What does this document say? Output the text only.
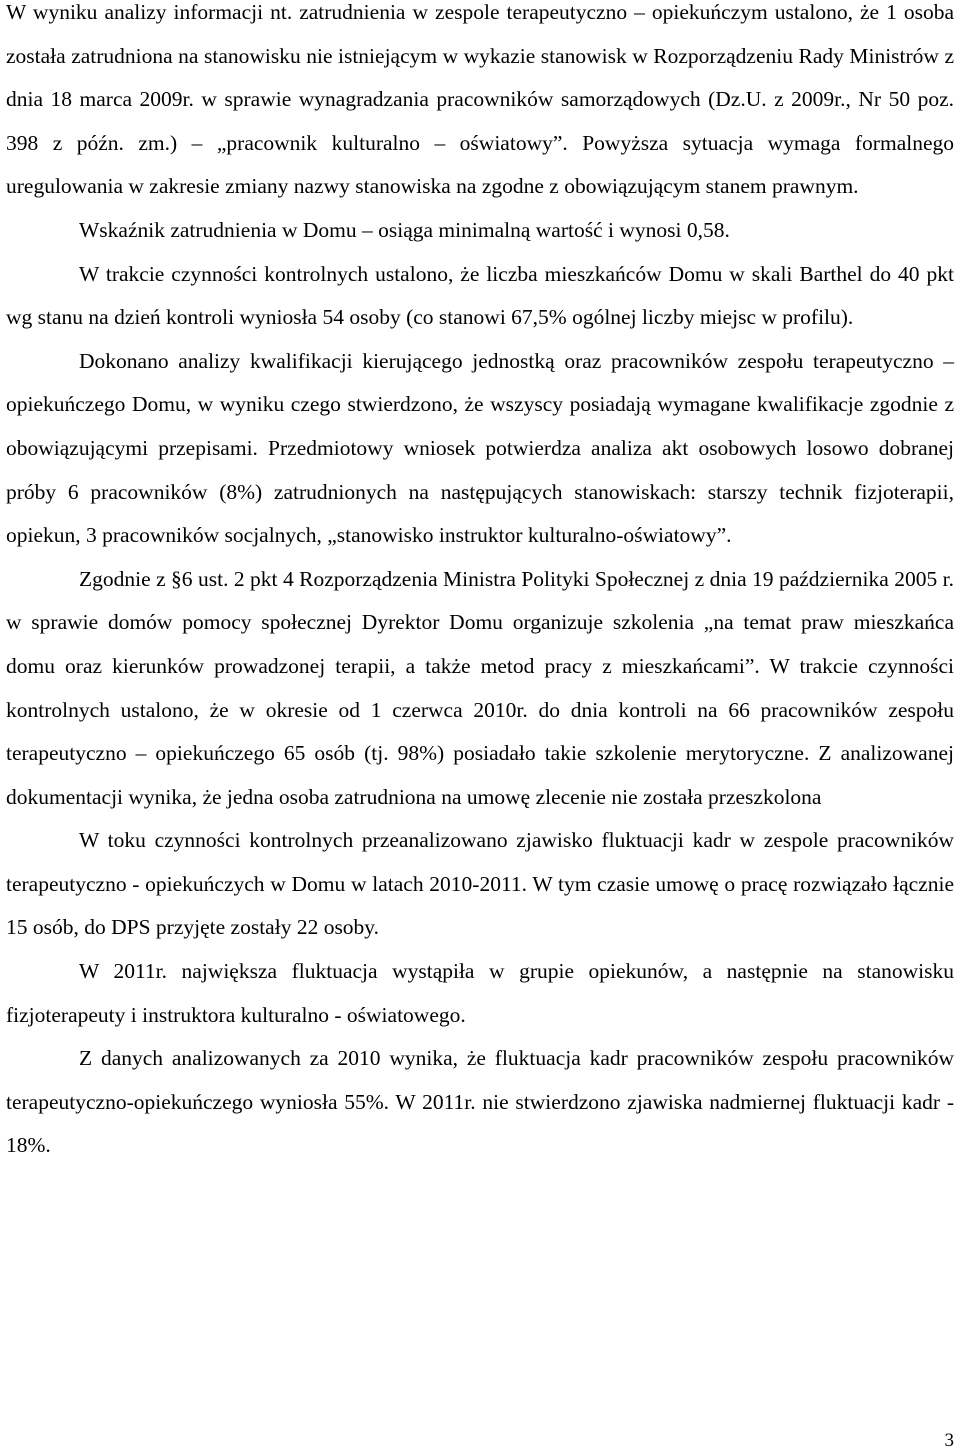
W wyniku analizy informacji nt. zatrudnienia w zespole terapeutyczno – opiekuńczym ustalono, że 1 osoba została zatrudniona na stanowisku nie istniejącym w wykazie stanowisk w Rozporządzeniu Rady Ministrów z dnia 18 marca 2009r. w sprawie wynagradzania pracowników samorządowych (Dz.U. z 2009r., Nr 50 poz. 398 z późn. zm.) – „pracownik kulturalno – oświatowy”. Powyższa sytuacja wymaga formalnego uregulowania w zakresie zmiany nazwy stanowiska na zgodne z obowiązującym stanem prawnym.

Wskaźnik zatrudnienia w Domu – osiąga minimalną wartość i wynosi 0,58.

W trakcie czynności kontrolnych ustalono, że liczba mieszkańców Domu w skali Barthel do 40 pkt wg stanu na dzień kontroli wyniosła 54 osoby (co stanowi 67,5% ogólnej liczby miejsc w profilu).

Dokonano analizy kwalifikacji kierującego jednostką oraz pracowników zespołu terapeutyczno – opiekuńczego Domu, w wyniku czego stwierdzono, że wszyscy posiadają wymagane kwalifikacje zgodnie z obowiązującymi przepisami. Przedmiotowy wniosek potwierdza analiza akt osobowych losowo dobranej próby 6 pracowników (8%) zatrudnionych na następujących stanowiskach: starszy technik fizjoterapii, opiekun, 3 pracowników socjalnych, „stanowisko instruktor kulturalno-oświatowy”.

Zgodnie z §6 ust. 2 pkt 4 Rozporządzenia Ministra Polityki Społecznej z dnia 19 października 2005 r. w sprawie domów pomocy społecznej Dyrektor Domu organizuje szkolenia „na temat praw mieszkańca domu oraz kierunków prowadzonej terapii, a także metod pracy z mieszkańcami”. W trakcie czynności kontrolnych ustalono, że w okresie od 1 czerwca 2010r. do dnia kontroli na 66 pracowników zespołu terapeutyczno – opiekuńczego 65 osób (tj. 98%) posiadało takie szkolenie merytoryczne. Z analizowanej dokumentacji wynika, że jedna osoba zatrudniona na umowę zlecenie nie została przeszkolona

W toku czynności kontrolnych przeanalizowano zjawisko fluktuacji kadr w zespole pracowników terapeutyczno - opiekuńczych w Domu w latach 2010-2011. W tym czasie umowę o pracę rozwiązało łącznie 15 osób, do DPS przyjęte zostały 22 osoby.

W 2011r. największa fluktuacja wystąpiła w grupie opiekunów, a następnie na stanowisku fizjoterapeuty i instruktora kulturalno - oświatowego.

Z danych analizowanych za 2010 wynika, że fluktuacja kadr pracowników zespołu pracowników terapeutyczno-opiekuńczego wyniosła 55%. W 2011r. nie stwierdzono zjawiska nadmiernej fluktuacji kadr - 18%.

3
